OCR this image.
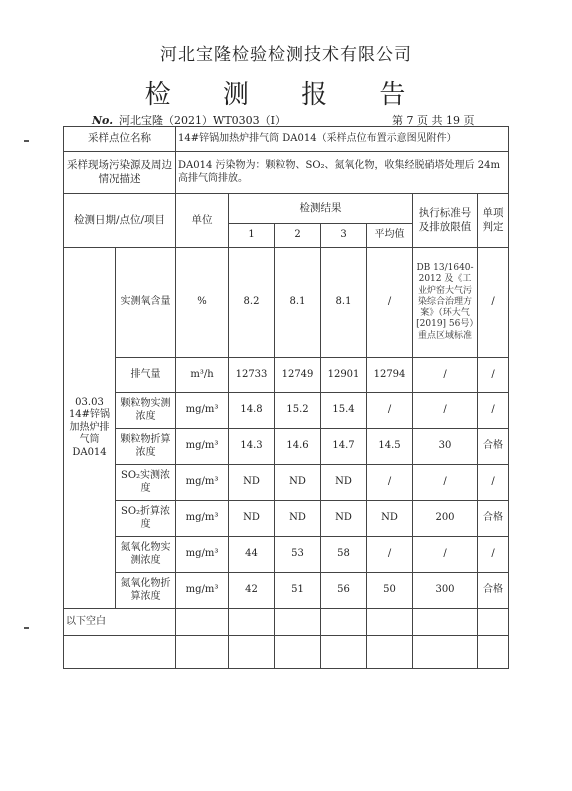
河北宝隆检验检测技术有限公司
检 测 报 告
No. 河北宝隆（2021）WT0303（Ⅰ）	第 7 页 共 19 页
采样点位名称		14#锌锅加热炉排气筒 DA014（采样点位布置示意图见附件）						
采样现场污染源及周边情况描述		DA014 污染物为：颗粒物、SO₂、氮氧化物，收集经脱硝塔处理后 24m 高排气筒排放。						
检测日期/点位/项目		单位	检测结果				执行标准号及排放限值	单项判定
			1	2	3	平均值		
03.03 14#锌锅加热炉排气筒 DA014	实测氧含量	%	8.2	8.1	8.1	/	DB 13/1640-2012 及《工业炉窑大气污染综合治理方案》（环大气[2019] 56号）重点区域标准	/
	排气量	m³/h	12733	12749	12901	12794	/	/
	颗粒物实测浓度	mg/m³	14.8	15.2	15.4	/	/	/
	颗粒物折算浓度	mg/m³	14.3	14.6	14.7	14.5	30	合格
	SO₂实测浓度	mg/m³	ND	ND	ND	/	/	/
	SO₂折算浓度	mg/m³	ND	ND	ND	ND	200	合格
	氮氧化物实测浓度	mg/m³	44	53	58	/	/	/
	氮氧化物折算浓度	mg/m³	42	51	56	50	300	合格
以下空白								
